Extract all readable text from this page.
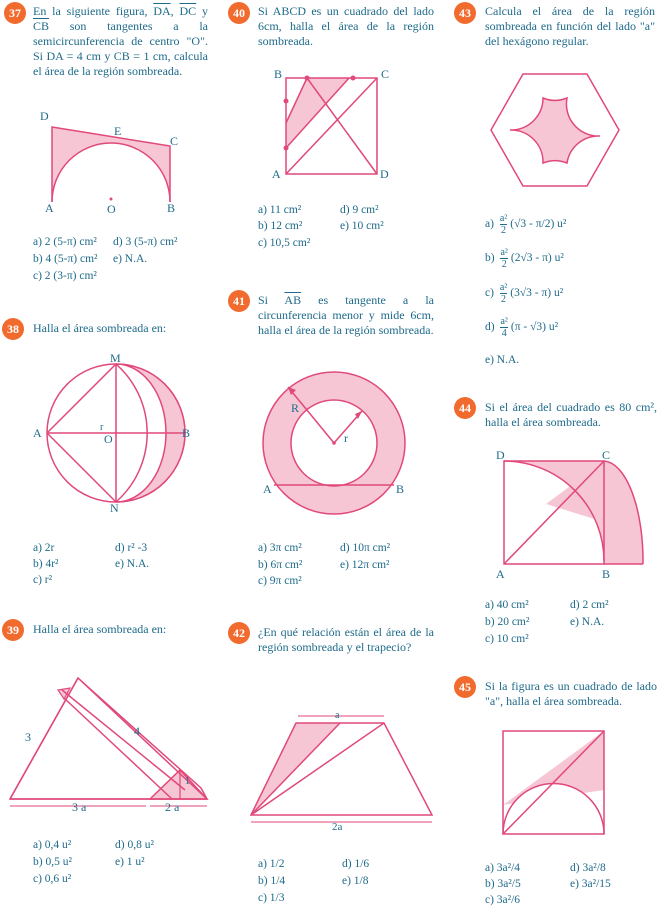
37	En la siguiente figura, $\overline{DA}$, $\overline{DC}$ y $\overline{CB}$ son tangentes a la semicircunferencia de centro "O". Si DA = 4 cm y CB = 1 cm, calcula el área de la región sombreada.
D
E
C
A	O	B
a) 2 (5-π) cm² d) 3 (5-π) cm²
b) 4 (5-π) cm² e) N.A.
c) 2 (3-π) cm²
38	Halla el área sombreada en:
M
A	r
O	B
N
a) 2r	d) r² -3
b) 4r²	e) N.A.
c) r²
39	Halla el área sombreada en:
3	4
1
3 a	2 a
a) 0,4 u²	d) 0,8 u²
b) 0,5 u²	e) 1 u²
c) 0,6 u²
40	Si ABCD es un cuadrado del lado 6cm, halla el área de la región sombreada.
B	C
A	D
a) 11 cm²	d) 9 cm²
b) 12 cm²	e) 10 cm²
c) 10,5 cm²
41	Si $\overline{AB}$ es tangente a la circunferencia menor y mide 6cm, halla el área de la región sombreada.
R
r
A	B
a) 3π cm²	d) 10π cm²
b) 6π cm²	e) 12π cm²
c) 9π cm²
42	¿En qué relación están el área de la región sombreada y el trapecio?
a
2a
a) 1/2	d) 1/6
b) 1/4	e) 1/8
c) 1/3
43	Calcula el área de la región sombreada en función del lado "a" del hexágono regular.
$a) \frac{\text{a²}}{2} (√3 - \pi/2)$ u²
$b) \frac{\text{a²}}{2} (2√3 - \pi)$ u²
$c) \frac{\text{a²}}{2} (3√3 - \pi)$ u²
$d) \frac{\text{a²}}{4} (\pi - √3)$ u²
e) N.A.
44	Si el área del cuadrado es 80 cm², halla el área sombreada.
D	C
A	B
a) 40 cm²	d) 2 cm²
b) 20 cm²	e) N.A.
c) 10 cm²
45	Si la figura es un cuadrado de lado "a", halla el área sombreada.
a) 3a²/4	d) 3a²/8
b) 3a²/5	e) 3a²/15
c) 3a²/6
